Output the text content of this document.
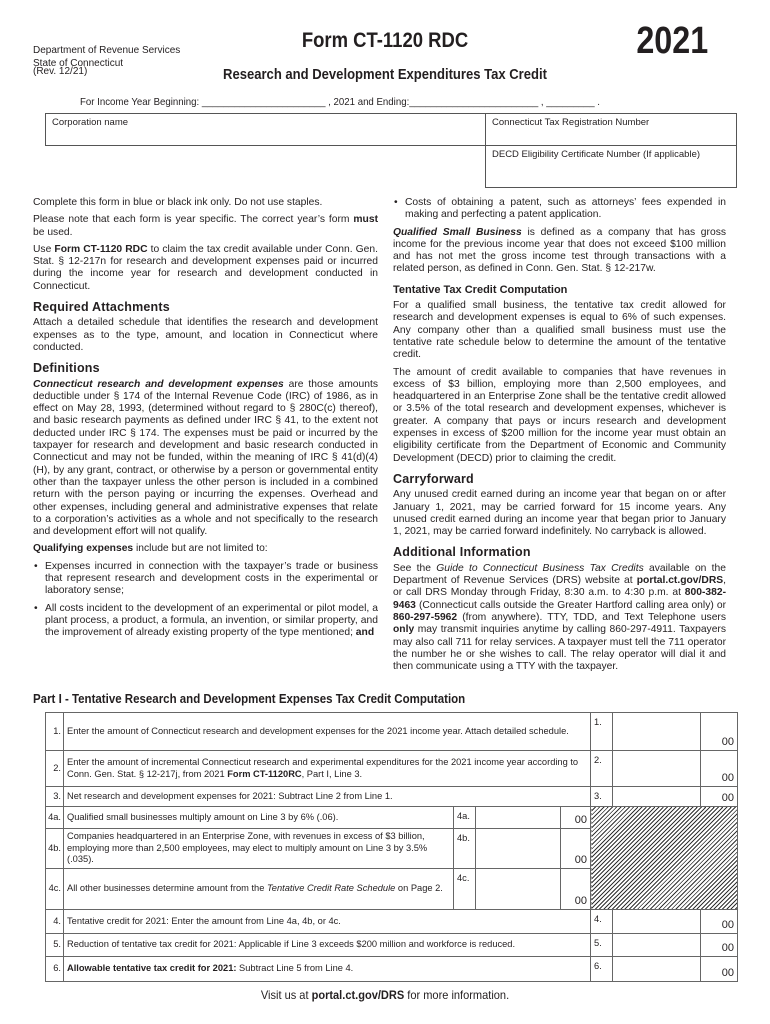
Department of Revenue Services
State of Connecticut
(Rev. 12/21)
Form CT-1120 RDC
Research and Development Expenditures Tax Credit
2021
For Income Year Beginning: _______________________ , 2021 and Ending:________________________ , _________ .
Corporation name	Connecticut Tax Registration Number
DECD Eligibility Certificate Number (If applicable)

Complete this form in blue or black ink only. Do not use staples.

Please note that each form is year specific. The correct year’s form must be used.

Use Form CT-1120 RDC to claim the tax credit available under Conn. Gen. Stat. § 12-217n for research and development expenses paid or incurred during the income year for research and development conducted in Connecticut.

Required Attachments

Attach a detailed schedule that identifies the research and development expenses as to the type, amount, and location in Connecticut where conducted.

Definitions

Connecticut research and development expenses are those amounts deductible under § 174 of the Internal Revenue Code (IRC) of 1986, as in effect on May 28, 1993, (determined without regard to § 280C(c) thereof), and basic research payments as defined under IRC § 41, to the extent not deducted under IRC § 174. The expenses must be paid or incurred by the taxpayer for research and development and basic research conducted in Connecticut and may not be funded, within the meaning of IRC § 41(d)(4)(H), by any grant, contract, or otherwise by a person or governmental entity other than the taxpayer unless the other person is included in a combined return with the person paying or incurring the expenses. Overhead and other expenses, including general and administrative expenses that relate to a corporation’s activities as a whole and not specifically to the research and development effort will not qualify.

Qualifying expenses include but are not limited to:

• Expenses incurred in connection with the taxpayer’s trade or business that represent research and development costs in the experimental or laboratory sense;

• All costs incident to the development of an experimental or pilot model, a plant process, a product, a formula, an invention, or similar property, and the improvement of already existing property of the type mentioned; and

• Costs of obtaining a patent, such as attorneys’ fees expended in making and perfecting a patent application.

Qualified Small Business is defined as a company that has gross income for the previous income year that does not exceed $100 million and has not met the gross income test through transactions with a related person, as defined in Conn. Gen. Stat. § 12-217w.

Tentative Tax Credit Computation

For a qualified small business, the tentative tax credit allowed for research and development expenses is equal to 6% of such expenses. Any company other than a qualified small business must use the tentative rate schedule below to determine the amount of the tentative credit.

The amount of credit available to companies that have revenues in excess of $3 billion, employing more than 2,500 employees, and headquartered in an Enterprise Zone shall be the tentative credit allowed or 3.5% of the total research and development expenses, whichever is greater. A company that pays or incurs research and development expenses in excess of $200 million for the income year must obtain an eligibility certificate from the Department of Economic and Community Development (DECD) prior to claiming the credit.

Carryforward

Any unused credit earned during an income year that began on or after January 1, 2021, may be carried forward for 15 income years. Any unused credit earned during an income year that began prior to January 1, 2021, may be carried forward indefinitely. No carryback is allowed.

Additional Information

See the Guide to Connecticut Business Tax Credits available on the Department of Revenue Services (DRS) website at portal.ct.gov/DRS, or call DRS Monday through Friday, 8:30 a.m. to 4:30 p.m. at 800-382-9463 (Connecticut calls outside the Greater Hartford calling area only) or 860-297-5962 (from anywhere). TTY, TDD, and Text Telephone users only may transmit inquiries anytime by calling 860-297-4911. Taxpayers may also call 711 for relay services. A taxpayer must tell the 711 operator the number he or she wishes to call. The relay operator will dial it and then communicate using a TTY with the taxpayer.

Part I - Tentative Research and Development Expenses Tax Credit Computation
1.	Enter the amount of Connecticut research and development expenses for the 2021 income year. Attach detailed schedule.				1.		00
2.	Enter the amount of incremental Connecticut research and experimental expenditures for the 2021 income year according to Conn. Gen. Stat. § 12-217j, from 2021 Form CT-1120RC, Part I, Line 3.				2.		00
3.	Net research and development expenses for 2021: Subtract Line 2 from Line 1.				3.		00
4a.	Qualified small businesses multiply amount on Line 3 by 6% (.06).	4a.		00			
4b.	Companies headquartered in an Enterprise Zone, with revenues in excess of $3 billion, employing more than 2,500 employees, may elect to multiply amount on Line 3 by 3.5% (.035).	4b.		00			
4c.	All other businesses determine amount from the Tentative Credit Rate Schedule on Page 2.	4c.		00			
4.	Tentative credit for 2021: Enter the amount from Line 4a, 4b, or 4c.				4.		00
5.	Reduction of tentative tax credit for 2021: Applicable if Line 3 exceeds $200 million and workforce is reduced.				5.		00
6.	Allowable tentative tax credit for 2021: Subtract Line 5 from Line 4.				6.		00
Visit us at portal.ct.gov/DRS for more information.
